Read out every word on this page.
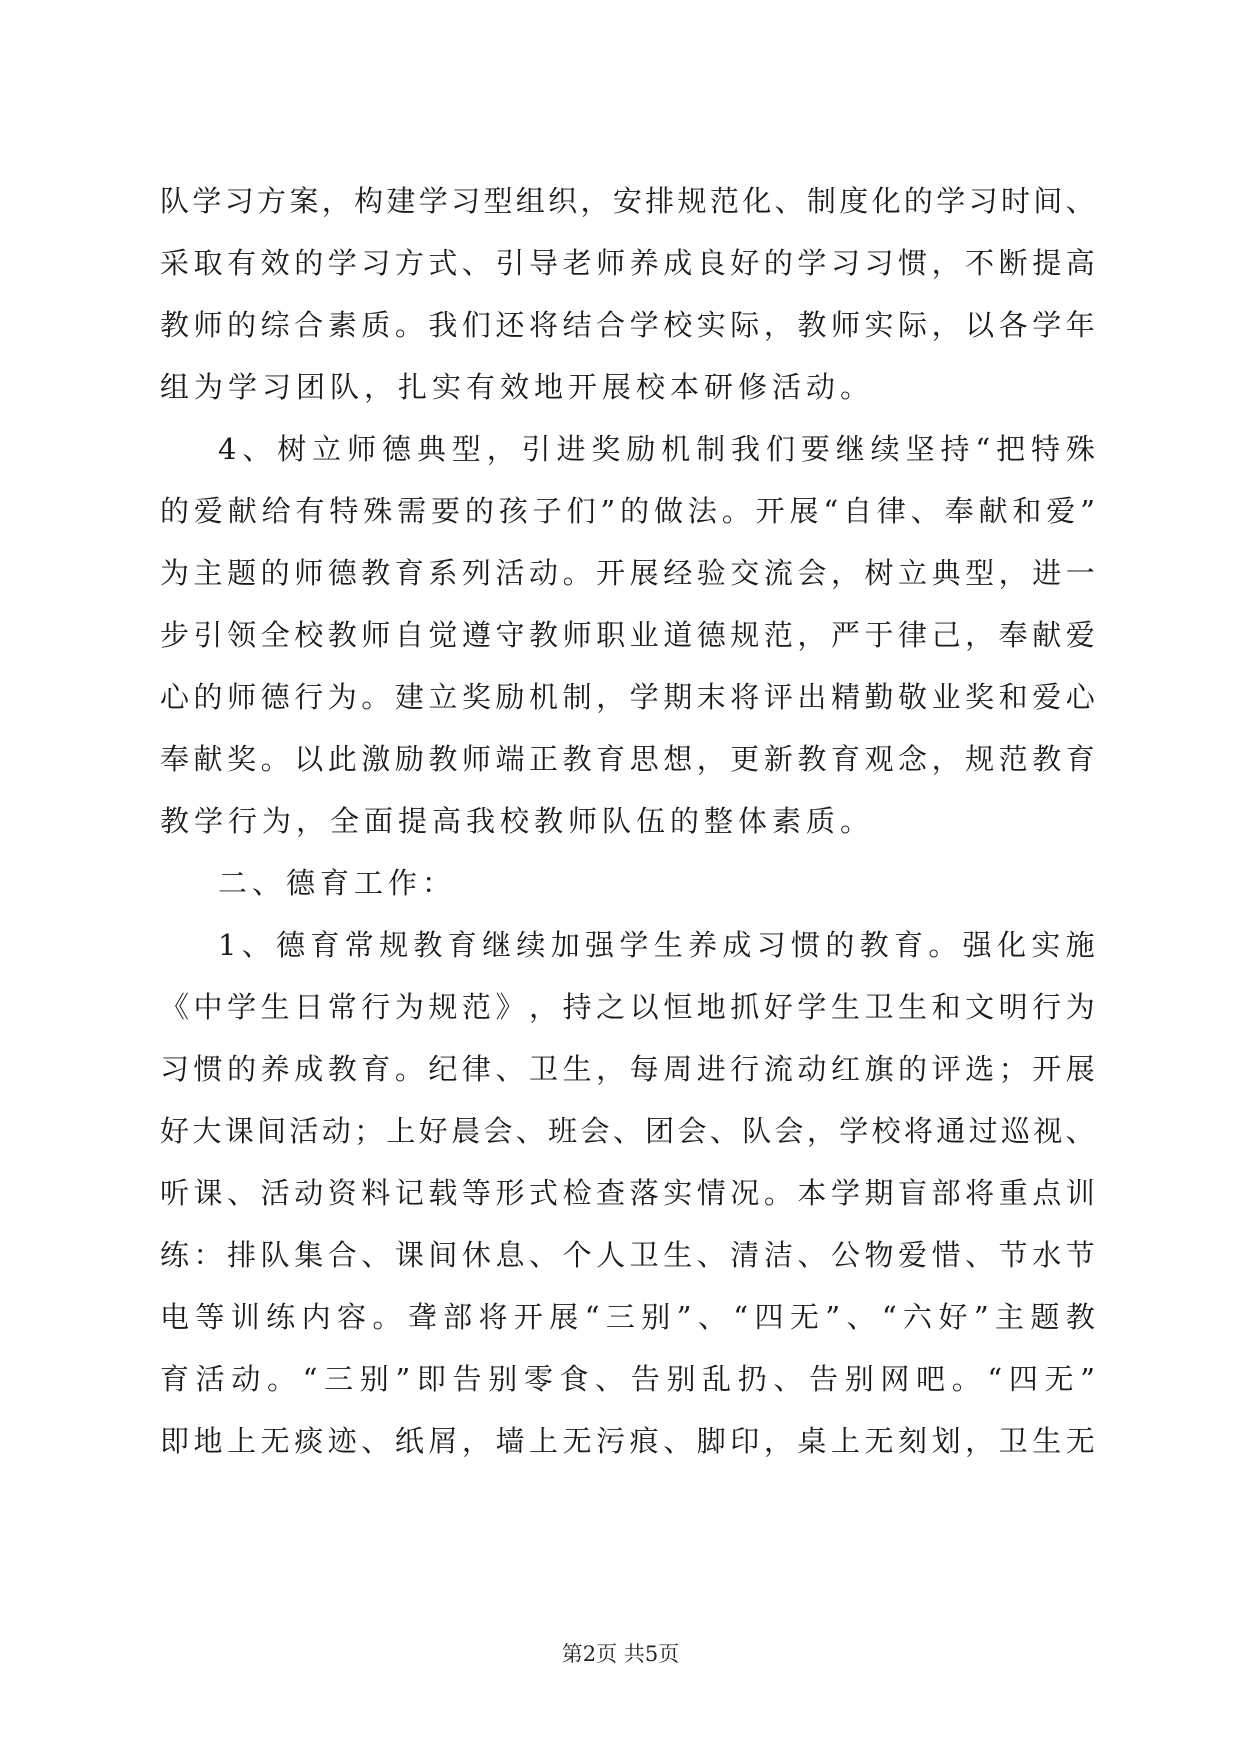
队 学 习 方 案 ， 构 建 学 习 型 组 织 ， 安 排 规 范 化 、 制 度 化 的 学 习 时 间 、
采 取 有 效 的 学 习 方 式 、 引 导 老 师 养 成 良 好 的 学 习 习 惯 ， 不 断 提 高
教 师 的 综 合 素 质 。 我 们 还 将 结 合 学 校 实 际 ， 教 师 实 际 ， 以 各 学 年
组为学习团队，扎实有效地开展校本研修活动。
4 、 树 立 师 德 典 型 ， 引 进 奖 励 机 制 我 们 要 继 续 坚 持 “ 把 特 殊
的 爱 献 给 有 特 殊 需 要 的 孩 子 们 ” 的 做 法 。 开 展 “ 自 律 、 奉 献 和 爱 ”
为 主 题 的 师 德 教 育 系 列 活 动 。 开 展 经 验 交 流 会 ， 树 立 典 型 ， 进 一
步 引 领 全 校 教 师 自 觉 遵 守 教 师 职 业 道 德 规 范 ， 严 于 律 己 ， 奉 献 爱
心 的 师 德 行 为 。 建 立 奖 励 机 制 ， 学 期 末 将 评 出 精 勤 敬 业 奖 和 爱 心
奉 献 奖 。 以 此 激 励 教 师 端 正 教 育 思 想 ， 更 新 教 育 观 念 ， 规 范 教 育
教学行为，全面提高我校教师队伍的整体素质。
二、德育工作：
1 、 德 育 常 规 教 育 继 续 加 强 学 生 养 成 习 惯 的 教 育 。 强 化 实 施
《 中 学 生 日 常 行 为 规 范 》 ， 持 之 以 恒 地 抓 好 学 生 卫 生 和 文 明 行 为
习 惯 的 养 成 教 育 。 纪 律 、 卫 生 ， 每 周 进 行 流 动 红 旗 的 评 选 ； 开 展
好 大 课 间 活 动 ； 上 好 晨 会 、 班 会 、 团 会 、 队 会 ， 学 校 将 通 过 巡 视 、
听 课 、 活 动 资 料 记 载 等 形 式 检 查 落 实 情 况 。 本 学 期 盲 部 将 重 点 训
练 ： 排 队 集 合 、 课 间 休 息 、 个 人 卫 生 、 清 洁 、 公 物 爱 惜 、 节 水 节
电 等 训 练 内 容 。 聋 部 将 开 展 “ 三 别 ” 、 “ 四 无 ” 、 “ 六 好 ” 主 题 教
育 活 动 。 “ 三 别 ” 即 告 别 零 食 、 告 别 乱 扔 、 告 别 网 吧 。 “ 四 无 ”
即 地 上 无 痰 迹 、 纸 屑 ， 墙 上 无 污 痕 、 脚 印 ， 桌 上 无 刻 划 ， 卫 生 无
第2页 共5页
